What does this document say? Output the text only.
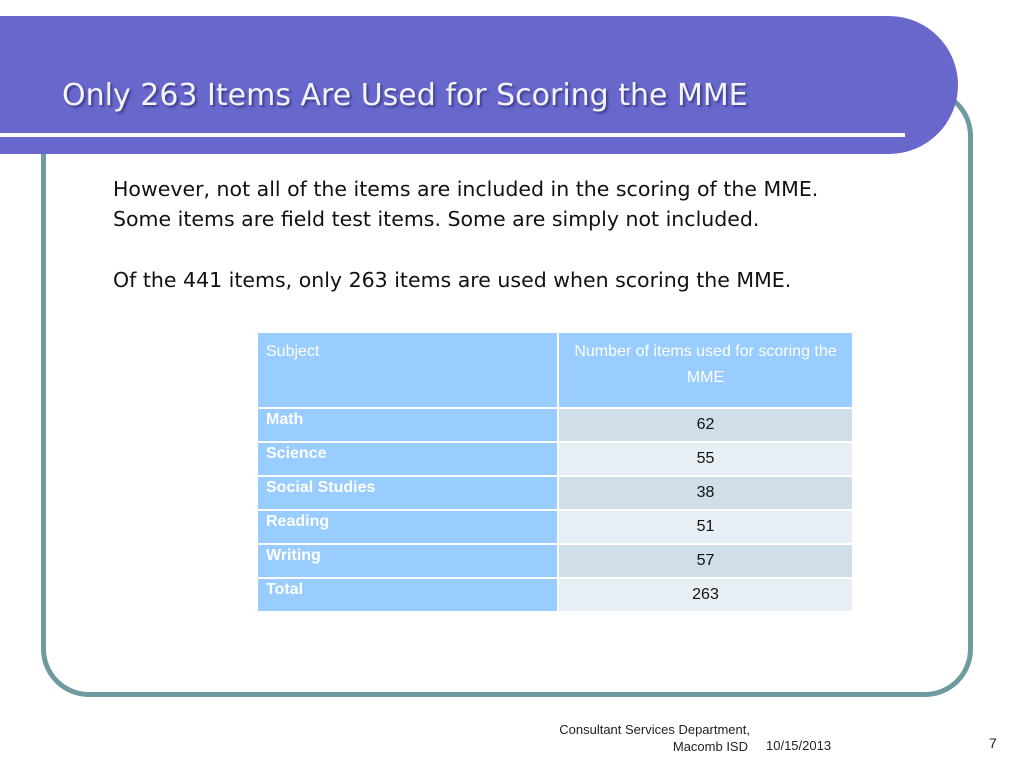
Only 263 Items Are Used for Scoring the MME

However, not all of the items are included in the scoring of the MME.

Some items are field test items. Some are simply not included.

Of the 441 items, only 263 items are used when scoring the MME.

Subject	Number of items used for scoring the MME
Math	62
Science	55
Social Studies	38
Reading	51
Writing	57
Total	263
Consultant Services Department,
Macomb ISD 10/15/2013	7
